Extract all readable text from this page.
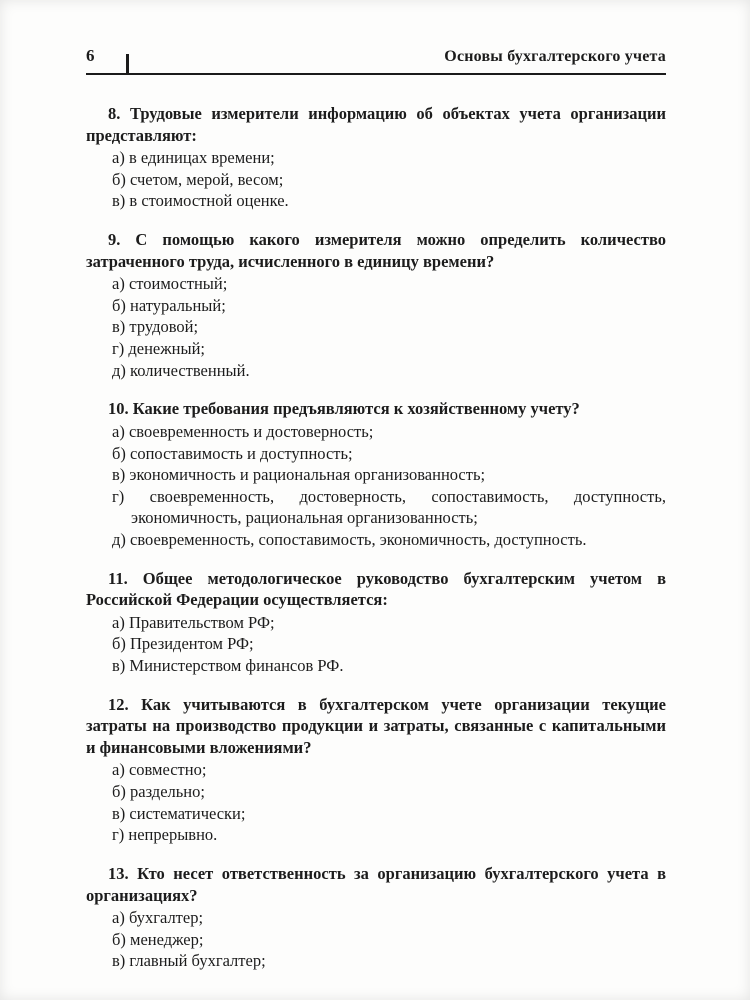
6	Основы бухгалтерского учета

8. Трудовые измерители информацию об объектах учета организации представляют:

а) в единицах времени;

б) счетом, мерой, весом;

в) в стоимостной оценке.

9. С помощью какого измерителя можно определить количество затраченного труда, исчисленного в единицу времени?

а) стоимостный;

б) натуральный;

в) трудовой;

г) денежный;

д) количественный.

10. Какие требования предъявляются к хозяйственному учету?

а) своевременность и достоверность;

б) сопоставимость и доступность;

в) экономичность и рациональная организованность;

г) своевременность, достоверность, сопоставимость, доступность, экономичность, рациональная организованность;

д) своевременность, сопоставимость, экономичность, доступность.

11. Общее методологическое руководство бухгалтерским учетом в Российской Федерации осуществляется:

а) Правительством РФ;

б) Президентом РФ;

в) Министерством финансов РФ.

12. Как учитываются в бухгалтерском учете организации текущие затраты на производство продукции и затраты, связанные с капитальными и финансовыми вложениями?

а) совместно;

б) раздельно;

в) систематически;

г) непрерывно.

13. Кто несет ответственность за организацию бухгалтерского учета в организациях?

а) бухгалтер;

б) менеджер;

в) главный бухгалтер;
